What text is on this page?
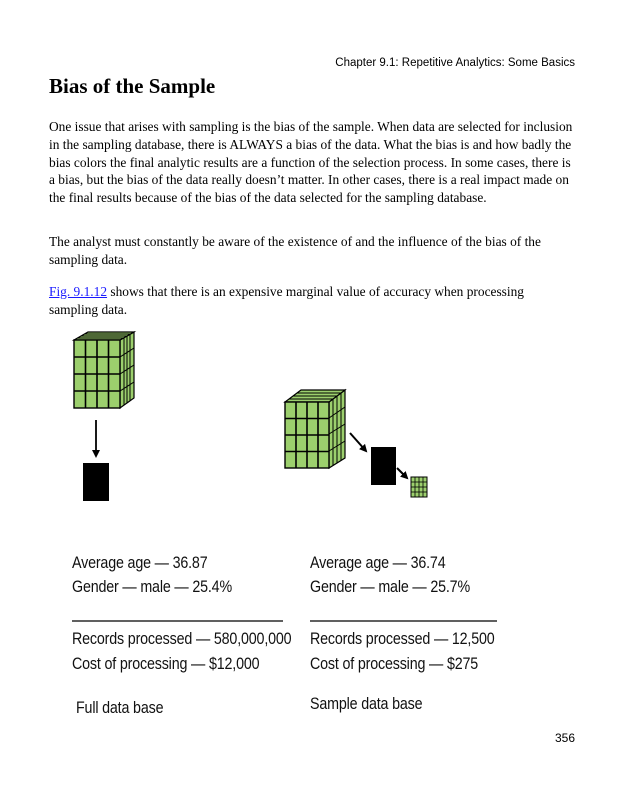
Chapter 9.1: Repetitive Analytics: Some Basics
Bias of the Sample

One issue that arises with sampling is the bias of the sample. When data are selected for inclusion in the sampling database, there is ALWAYS a bias of the data. What the bias is and how badly the bias colors the final analytic results are a function of the selection process. In some cases, there is a bias, but the bias of the data really doesn’t matter. In other cases, there is a real impact made on the final results because of the bias of the data selected for the sampling database.

The analyst must constantly be aware of the existence of and the influence of the bias of the sampling data.

Fig. 9.1.12 shows that there is an expensive marginal value of accuracy when processing sampling data.

Average age — 36.87
Gender — male — 25.4%
Records processed — 580,000,000
Cost of processing — $12,000
Full data base
Average age — 36.74
Gender — male — 25.7%
Records processed — 12,500
Cost of processing — $275
Sample data base
356
